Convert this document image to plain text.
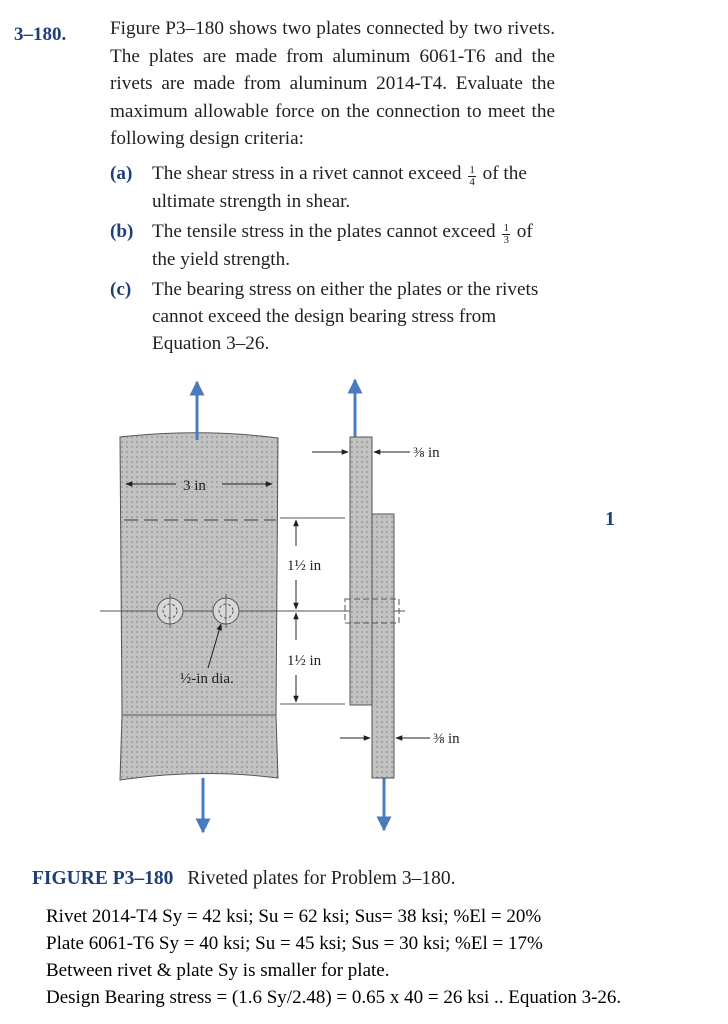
3–180. Figure P3–180 shows two plates connected by two rivets. The plates are made from aluminum 6061-T6 and the rivets are made from aluminum 2014-T4. Evaluate the maximum allowable force on the connection to meet the following design criteria:
(a) The shear stress in a rivet cannot exceed $\frac{1}{4}$ of the ultimate strength in shear.
(b) The tensile stress in the plates cannot exceed $\frac{1}{3}$ of the yield strength.
(c) The bearing stress on either the plates or the rivets cannot exceed the design bearing stress from Equation 3–26.
3 in
½-in dia.
1½ in
1½ in
⅜ in
⅜ in
1
FIGURE P3–180 Riveted plates for Problem 3–180.
Rivet 2014-T4 Sy = 42 ksi; Su = 62 ksi; Sus= 38 ksi; %El = 20%
Plate 6061-T6 Sy = 40 ksi; Su = 45 ksi; Sus = 30 ksi; %El = 17%
Between rivet & plate Sy is smaller for plate.
Design Bearing stress = (1.6 Sy/2.48) = 0.65 x 40 = 26 ksi .. Equation 3-26.
